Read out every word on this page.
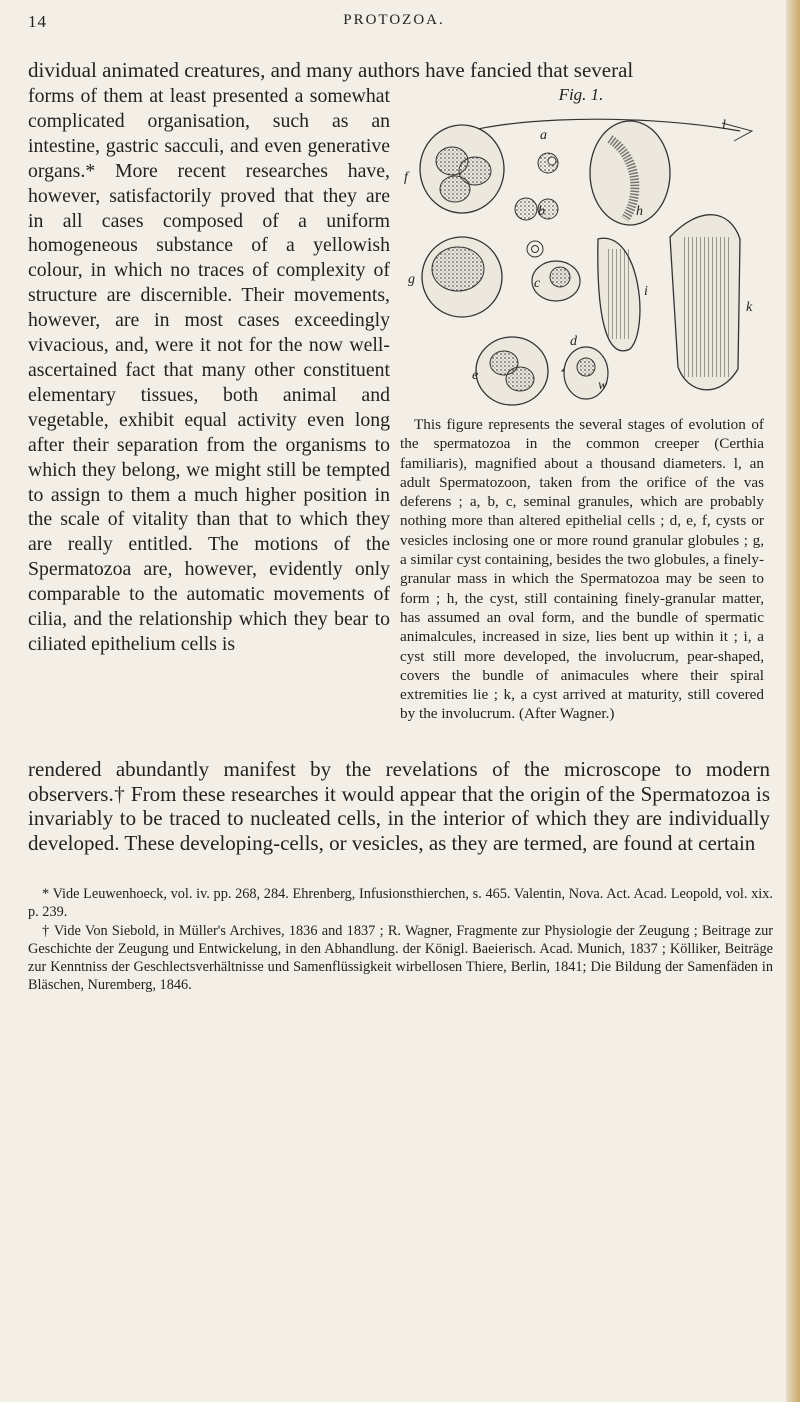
14	PROTOZOA.
dividual animated creatures, and many authors have fancied that several
forms of them at least presented a somewhat complicated organisation, such as an intestine, gastric sacculi, and even generative organs.* More recent researches have, however, satisfactorily proved that they are in all cases composed of a uniform homogeneous substance of a yellowish colour, in which no traces of complexity of structure are discernible. Their movements, however, are in most cases exceedingly vivacious, and, were it not for the now well-ascertained fact that many other constituent elementary tissues, both animal and vegetable, exhibit equal activity even long after their separation from the organisms to which they belong, we might still be tempted to assign to them a much higher position in the scale of vitality than that to which they are really entitled. The motions of the Spermatozoa are, however, evidently only comparable to the automatic movements of cilia, and the relationship which they bear to ciliated epithelium cells is
Fig. 1.
f
a
b	h
l
g	c
i
k
d
e
w
This figure represents the several stages of evolution of the spermatozoa in the common creeper (Certhia familiaris), magnified about a thousand diameters. l, an adult Spermatozoon, taken from the orifice of the vas deferens ; a, b, c, seminal granules, which are probably nothing more than altered epithelial cells ; d, e, f, cysts or vesicles inclosing one or more round granular globules ; g, a similar cyst containing, besides the two globules, a finely-granular mass in which the Spermatozoa may be seen to form ; h, the cyst, still containing finely-granular matter, has assumed an oval form, and the bundle of spermatic animalcules, increased in size, lies bent up within it ; i, a cyst still more developed, the involucrum, pear-shaped, covers the bundle of animacules where their spiral extremities lie ; k, a cyst arrived at maturity, still covered by the involucrum. (After Wagner.)
rendered abundantly manifest by the revelations of the microscope to modern observers.† From these researches it would appear that the origin of the Spermatozoa is invariably to be traced to nucleated cells, in the interior of which they are individually developed. These developing-cells, or vesicles, as they are termed, are found at certain

* Vide Leuwenhoeck, vol. iv. pp. 268, 284. Ehrenberg, Infusionsthierchen, s. 465. Valentin, Nova. Act. Acad. Leopold, vol. xix. p. 239.

† Vide Von Siebold, in Müller's Archives, 1836 and 1837 ; R. Wagner, Fragmente zur Physiologie der Zeugung ; Beitrage zur Geschichte der Zeugung und Entwickelung, in den Abhandlung. der Königl. Baeierisch. Acad. Munich, 1837 ; Kölliker, Beiträge zur Kenntniss der Geschlectsverhältnisse und Samenflüssigkeit wirbellosen Thiere, Berlin, 1841; Die Bildung der Samenfäden in Bläschen, Nuremberg, 1846.
